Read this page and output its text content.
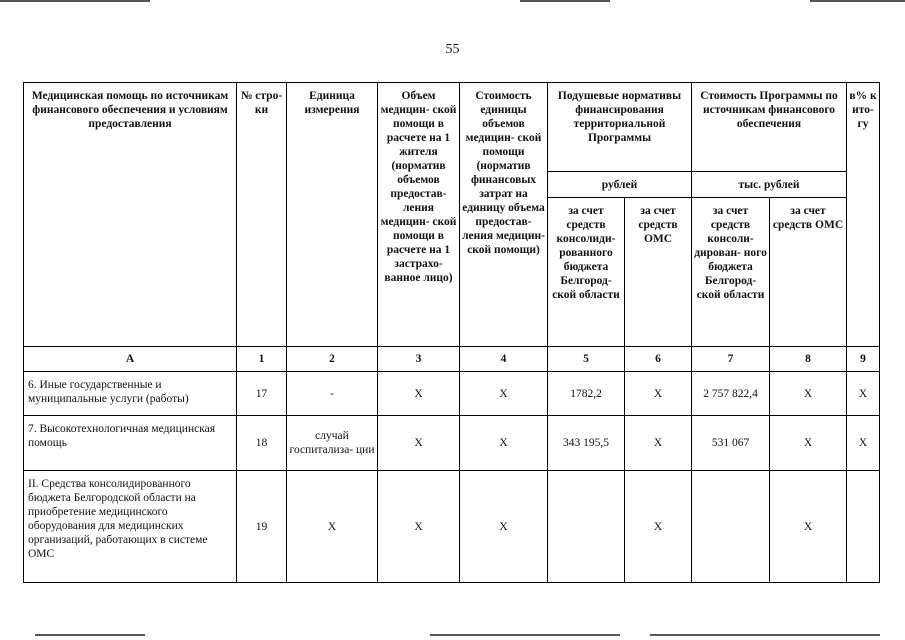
55
Медицинская помощь по источникам финансового обеспечения и условиям предоставления	№ стро- ки	Единица измерения	Объем медицин- ской помощи в расчете на 1 жителя (норматив объемов предостав- ления медицин- ской помощи в расчете на 1 застрахо- ванное лицо)	Стоимость единицы объемов медицин- ской помощи (норматив финансовых затрат на единицу объема предостав- ления медицин- ской помощи)	Подушевые нормативы финансирования территориальной Программы		Стоимость Программы по источникам финансового обеспечения		в% к ито- гу
					рублей		тыс. рублей		
					за счет средств консолиди- рованного бюджета Белгород- ской области	за счет средств ОМС	за счет средств консоли- дирован- ного бюджета Белгород- ской области	за счет средств ОМС	
А	1	2	3	4	5	6	7	8	9
6. Иные государственные и муниципальные услуги (работы)	17	-	Х	Х	1782,2	Х	2 757 822,4	Х	Х
7. Высокотехнологичная медицинская помощь	18	случай госпитализа- ции	Х	Х	343 195,5	Х	531 067	Х	Х
II. Средства консолидированного бюджета Белгородской области на приобретение медицинского оборудования для медицинских организаций, работающих в системе ОМС	19	Х	Х	Х		Х		Х	
